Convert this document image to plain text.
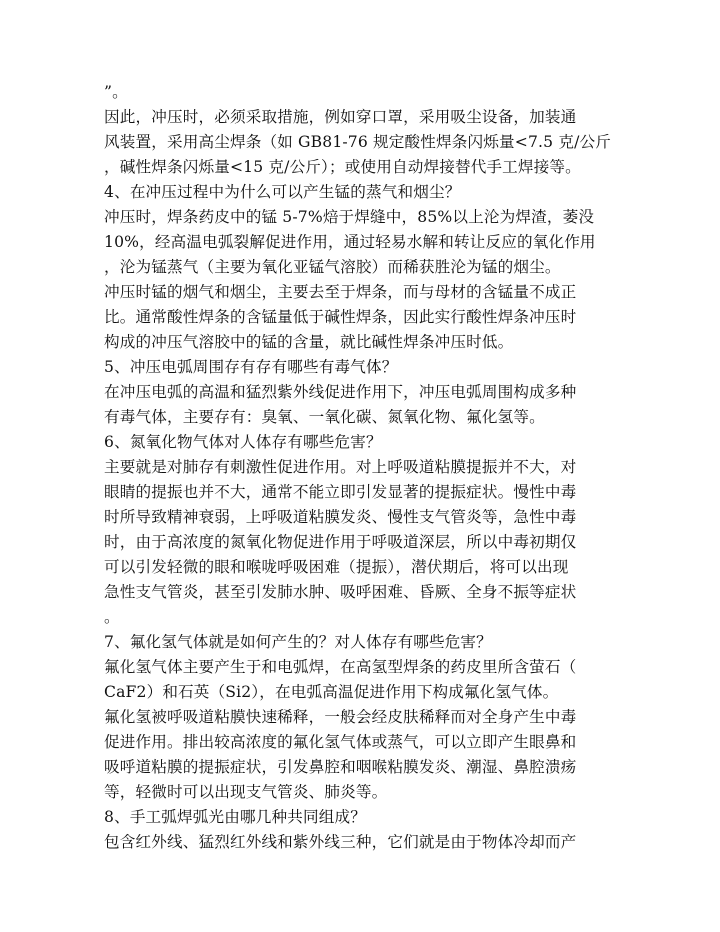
”。
因此，冲压时，必须采取措施，例如穿口罩，采用吸尘设备，加装通
风装置，采用高尘焊条（如 GB81-76 规定酸性焊条闪烁量<7.5 克/公斤
，碱性焊条闪烁量<15 克/公斤）；或使用自动焊接替代手工焊接等。
4、在冲压过程中为什么可以产生锰的蒸气和烟尘？
冲压时，焊条药皮中的锰 5-7%焙于焊缝中，85%以上沦为焊渣，萎没
10%，经高温电弧裂解促进作用，通过轻易水解和转让反应的氧化作用
，沦为锰蒸气（主要为氧化亚锰气溶胶）而稀获胜沦为锰的烟尘。
冲压时锰的烟气和烟尘，主要去至于焊条，而与母材的含锰量不成正
比。通常酸性焊条的含锰量低于碱性焊条，因此实行酸性焊条冲压时
构成的冲压气溶胶中的锰的含量，就比碱性焊条冲压时低。
5、冲压电弧周围存有存有哪些有毒气体？
在冲压电弧的高温和猛烈紫外线促进作用下，冲压电弧周围构成多种
有毒气体，主要存有：臭氧、一氧化碳、氮氧化物、氟化氢等。
6、氮氧化物气体对人体存有哪些危害？
主要就是对肺存有刺激性促进作用。对上呼吸道粘膜提振并不大，对
眼睛的提振也并不大，通常不能立即引发显著的提振症状。慢性中毒
时所导致精神衰弱，上呼吸道粘膜发炎、慢性支气管炎等，急性中毒
时，由于高浓度的氮氧化物促进作用于呼吸道深层，所以中毒初期仅
可以引发轻微的眼和喉咙呼吸困难（提振），潜伏期后，将可以出现
急性支气管炎，甚至引发肺水肿、吸呼困难、昏厥、全身不振等症状
。
7、氟化氢气体就是如何产生的？对人体存有哪些危害？
氟化氢气体主要产生于和电弧焊，在高氢型焊条的药皮里所含萤石（
CaF2）和石英（Si2），在电弧高温促进作用下构成氟化氢气体。
氟化氢被呼吸道粘膜快速稀释，一般会经皮肤稀释而对全身产生中毒
促进作用。排出较高浓度的氟化氢气体或蒸气，可以立即产生眼鼻和
吸呼道粘膜的提振症状，引发鼻腔和咽喉粘膜发炎、潮湿、鼻腔溃疡
等，轻微时可以出现支气管炎、肺炎等。
8、手工弧焊弧光由哪几种共同组成？
包含红外线、猛烈红外线和紫外线三种，它们就是由于物体冷却而产
